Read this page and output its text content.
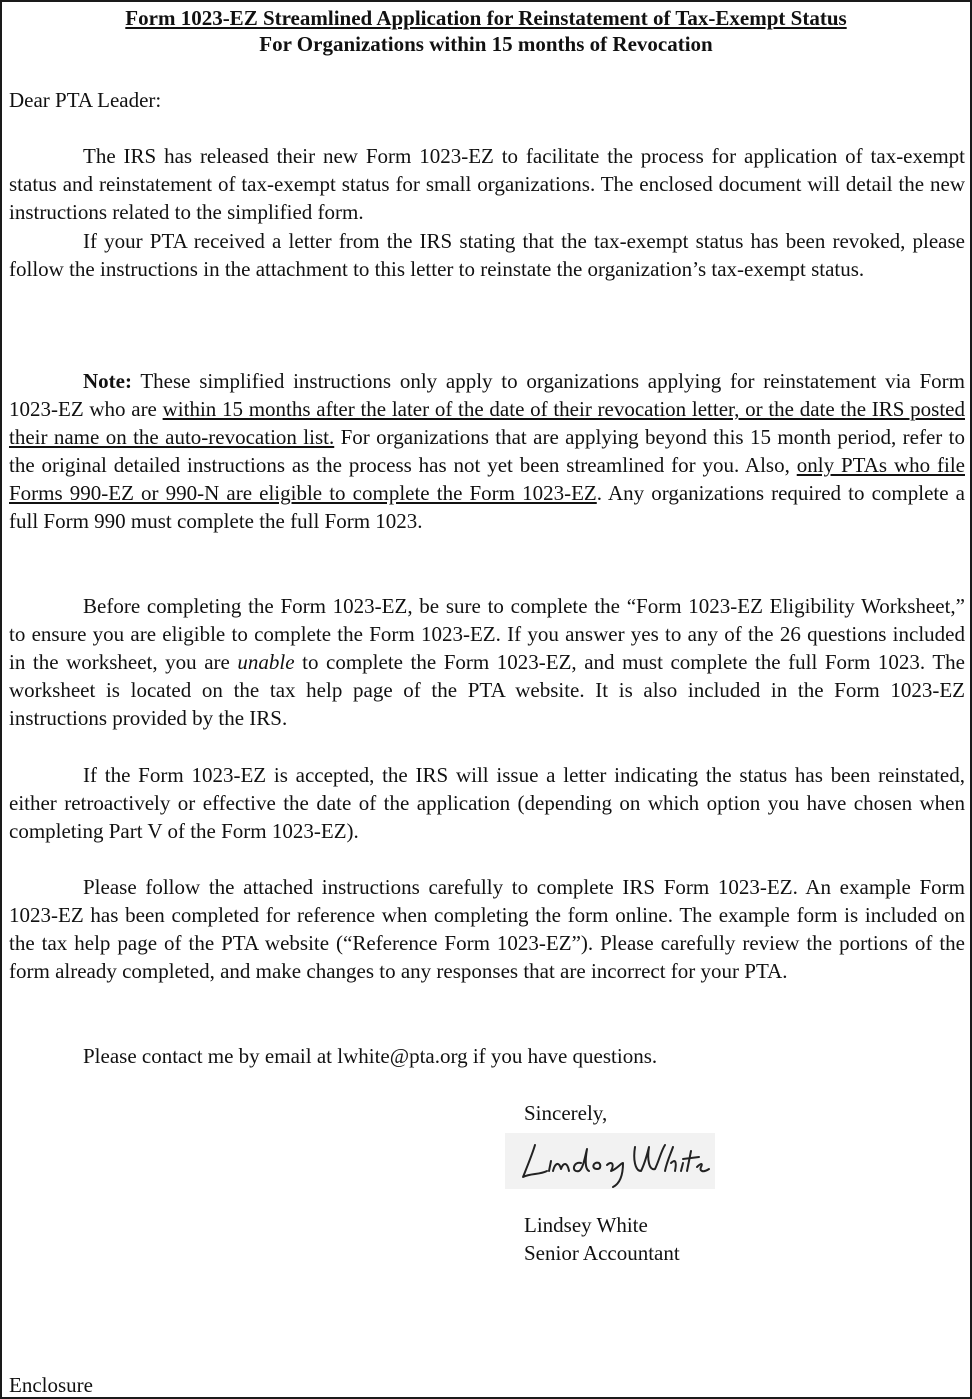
Form 1023-EZ Streamlined Application for Reinstatement of Tax-Exempt Status
For Organizations within 15 months of Revocation
Dear PTA Leader:

The IRS has released their new Form 1023-EZ to facilitate the process for application of tax-exempt status and reinstatement of tax-exempt status for small organizations. The enclosed document will detail the new instructions related to the simplified form.

If your PTA received a letter from the IRS stating that the tax-exempt status has been revoked, please follow the instructions in the attachment to this letter to reinstate the organization’s tax-exempt status.

Note: These simplified instructions only apply to organizations applying for reinstatement via Form 1023-EZ who are within 15 months after the later of the date of their revocation letter, or the date the IRS posted their name on the auto-revocation list. For organizations that are applying beyond this 15 month period, refer to the original detailed instructions as the process has not yet been streamlined for you. Also, only PTAs who file Forms 990-EZ or 990-N are eligible to complete the Form 1023-EZ. Any organizations required to complete a full Form 990 must complete the full Form 1023.

Before completing the Form 1023-EZ, be sure to complete the “Form 1023-EZ Eligibility Worksheet,” to ensure you are eligible to complete the Form 1023-EZ. If you answer yes to any of the 26 questions included in the worksheet, you are unable to complete the Form 1023-EZ, and must complete the full Form 1023. The worksheet is located on the tax help page of the PTA website. It is also included in the Form 1023-EZ instructions provided by the IRS.

If the Form 1023-EZ is accepted, the IRS will issue a letter indicating the status has been reinstated, either retroactively or effective the date of the application (depending on which option you have chosen when completing Part V of the Form 1023-EZ).

Please follow the attached instructions carefully to complete IRS Form 1023-EZ. An example Form 1023-EZ has been completed for reference when completing the form online. The example form is included on the tax help page of the PTA website (“Reference Form 1023-EZ”). Please carefully review the portions of the form already completed, and make changes to any responses that are incorrect for your PTA.

Please contact me by email at lwhite@pta.org if you have questions.

Sincerely,
Lindsey White
Senior Accountant
Enclosure
